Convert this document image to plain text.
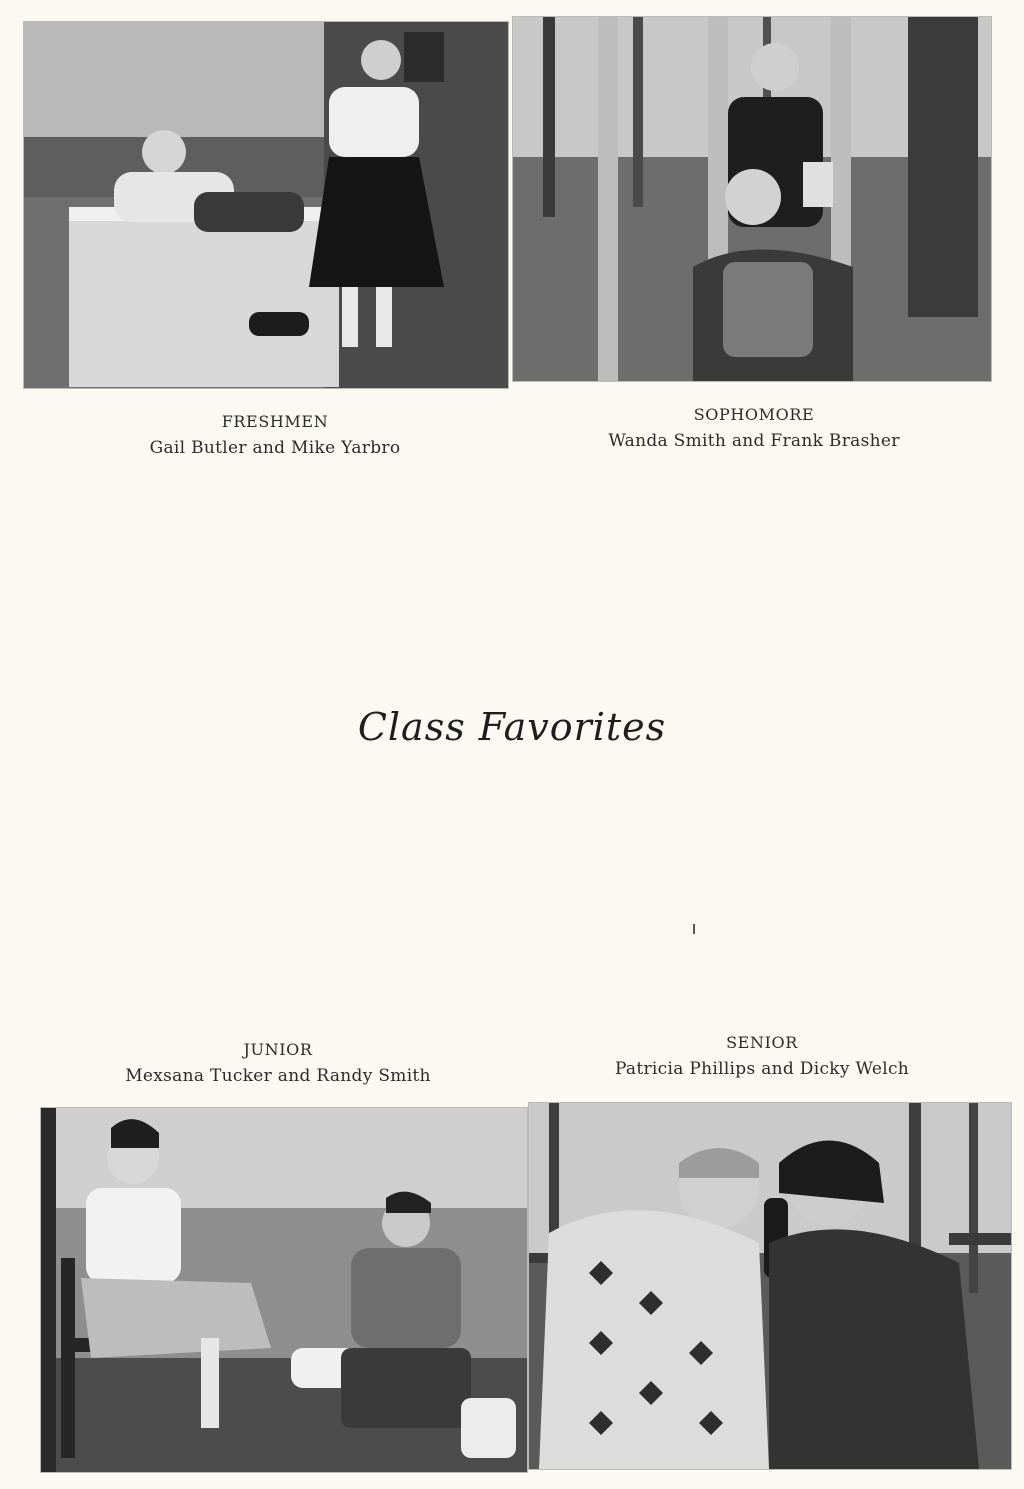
FRESHMEN
Gail Butler and Mike Yarbro
SOPHOMORE
Wanda Smith and Frank Brasher
Class Favorites
JUNIOR
Mexsana Tucker and Randy Smith
SENIOR
Patricia Phillips and Dicky Welch
